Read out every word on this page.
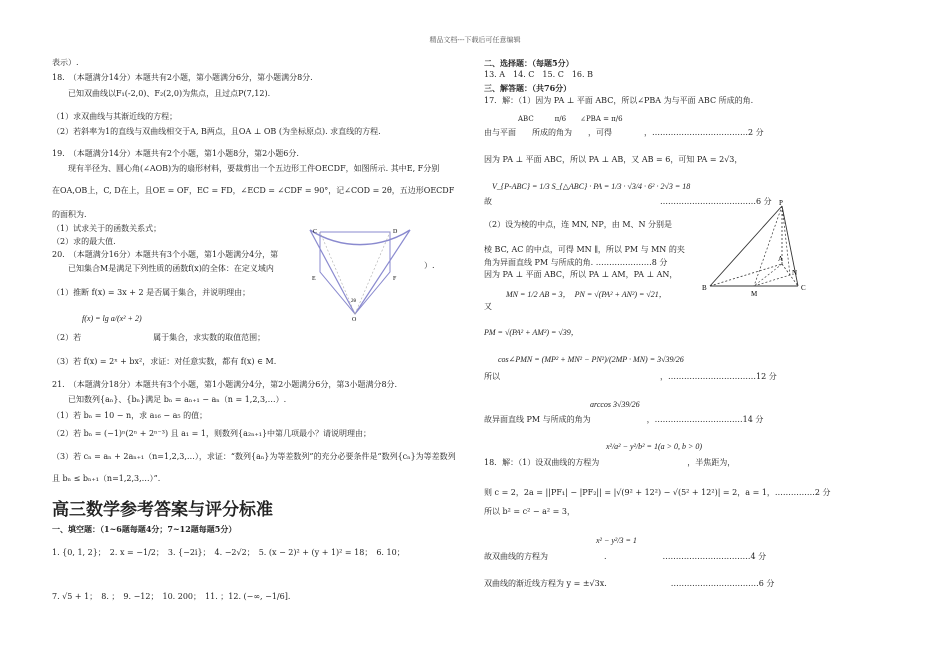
精品文档---下载后可任意编辑
表示）.
18.　（本题满分14分）本题共有2小题，第小题满分6分，第小题满分8分.
已知双曲线以F₁(-2,0)、F₂(2,0)为焦点，且过点P(7,12).
（1）求双曲线与其渐近线的方程；
（2）若斜率为1的直线与双曲线相交于A, B两点，且OA ⊥ OB (为坐标原点). 求直线的方程.
19.　（本题满分14分）本题共有2个小题，第1小题8分，第2小题6分.
现有半径为、圆心角(∠AOB)为的扇形材料，要裁剪出一个五边形工件OECDF，如图所示. 其中E, F分别
在OA,OB上，C, D在上，且OE = OF，EC = FD，∠ECD = ∠CDF = 90°，记∠COD = 2θ，五边形OECDF
的面积为.
（1）试求关于的函数关系式；
（2）求的最大值.
20.　（本题满分16分）本题共有3个小题，第1小题满分4分，第
已知集合M是满足下列性质的函数f(x)的全体：在定义域内	）.
（1）推断 f(x) = 3x + 2 是否属于集合，并说明理由；
f(x) = lg a/(x² + 2)
（2）若　　　　　　　　　属于集合，求实数的取值范围；
（3）若 f(x) = 2ˣ + bx²，求证：对任意实数，都有 f(x) ∈ M.
21.　（本题满分18分）本题共有3个小题，第1小题满分4分，第2小题满分6分，第3小题满分8分.
已知数列{aₙ}、{bₙ}满足 bₙ = aₙ₊₁ − aₙ（n = 1,2,3,…）.
（1）若 bₙ = 10 − n，求 a₁₆ − a₅ 的值；
（2）若 bₙ = (−1)ⁿ(2ⁿ + 2ⁿ⁻³) 且 a₁ = 1，则数列{a₂ₙ₊₁}中第几项最小？请说明理由；
（3）若 cₙ = aₙ + 2aₙ₊₁（n=1,2,3,…），求证：“数列{aₙ}为等差数列”的充分必要条件是“数列{cₙ}为等差数列
且 bₙ ≤ bₙ₊₁（n=1,2,3,…）”.
高三数学参考答案与评分标准
一、填空题：（1~6题每题4分；7~12题每题5分）
1. {0, 1, 2}；　2. x = −1/2；　3. {−2i}；　4. −2√2；　5. (x − 2)² + (y + 1)² = 18；　6. 10；
7. √5 + 1；　8. ；　9. −12；　10. 200；　11. ；12. (−∞, −1/6].
C	D
E	F
O
2θ
二、选择题：（每题5分）
13. A　14. C　15. C　16. B
三、解答题：（共76分）
17．解：（1）因为 PA ⊥ 平面 ABC，所以∠PBA 为与平面 ABC 所成的角.
ABC　　　π/6　　∠PBA = π/6
由与平面　　所成的角为　　，可得　　　　，………………………………2 分
因为 PA ⊥ 平面 ABC，所以 PA ⊥ AB，又 AB = 6，可知 PA = 2√3，
V_{P-ABC} = 1/3 S_{△ABC} · PA = 1/3 · √3/4 · 6² · 2√3 = 18
故　　　　　　　　　　　　　　　　　　　　　………………………………6 分
（2）设为棱的中点，连 MN, NP，由 M、N 分别是
棱 BC, AC 的中点，可得 MN ∥，所以 PM 与 MN 的夹
角为异面直线 PM 与所成的角. …………………8 分
因为 PA ⊥ 平面 ABC，所以 PA ⊥ AM，PA ⊥ AN，
MN = 1/2 AB = 3，　PN = √(PA² + AN²) = √21，
又
PM = √(PA² + AM²) = √39，
cos∠PMN = (MP² + MN² − PN²)/(2MP · MN) = 3√39/26
所以　　　　　　　　　　　　　　　　　　　　，……………………………12 分
arccos 3√39/26
故异面直线 PM 与所成的角为　　　　　　　，……………………………14 分
x²/a² − y²/b² = 1(a > 0, b > 0)
18．解：（1）设双曲线的方程为　　　　　　　　　　　，半焦距为，
则 c = 2，2a = ||PF₁| − |PF₂|| = |√(9² + 12²) − √(5² + 12²)| = 2，a = 1，……………2 分
所以 b² = c² − a² = 3，
x² − y²/3 = 1
故双曲线的方程为　　　　　　　.　　　　　　　……………………………4 分
双曲线的渐近线方程为 y = ±√3x.　　　　　　　　……………………………6 分
P
A
B	C
M
N
